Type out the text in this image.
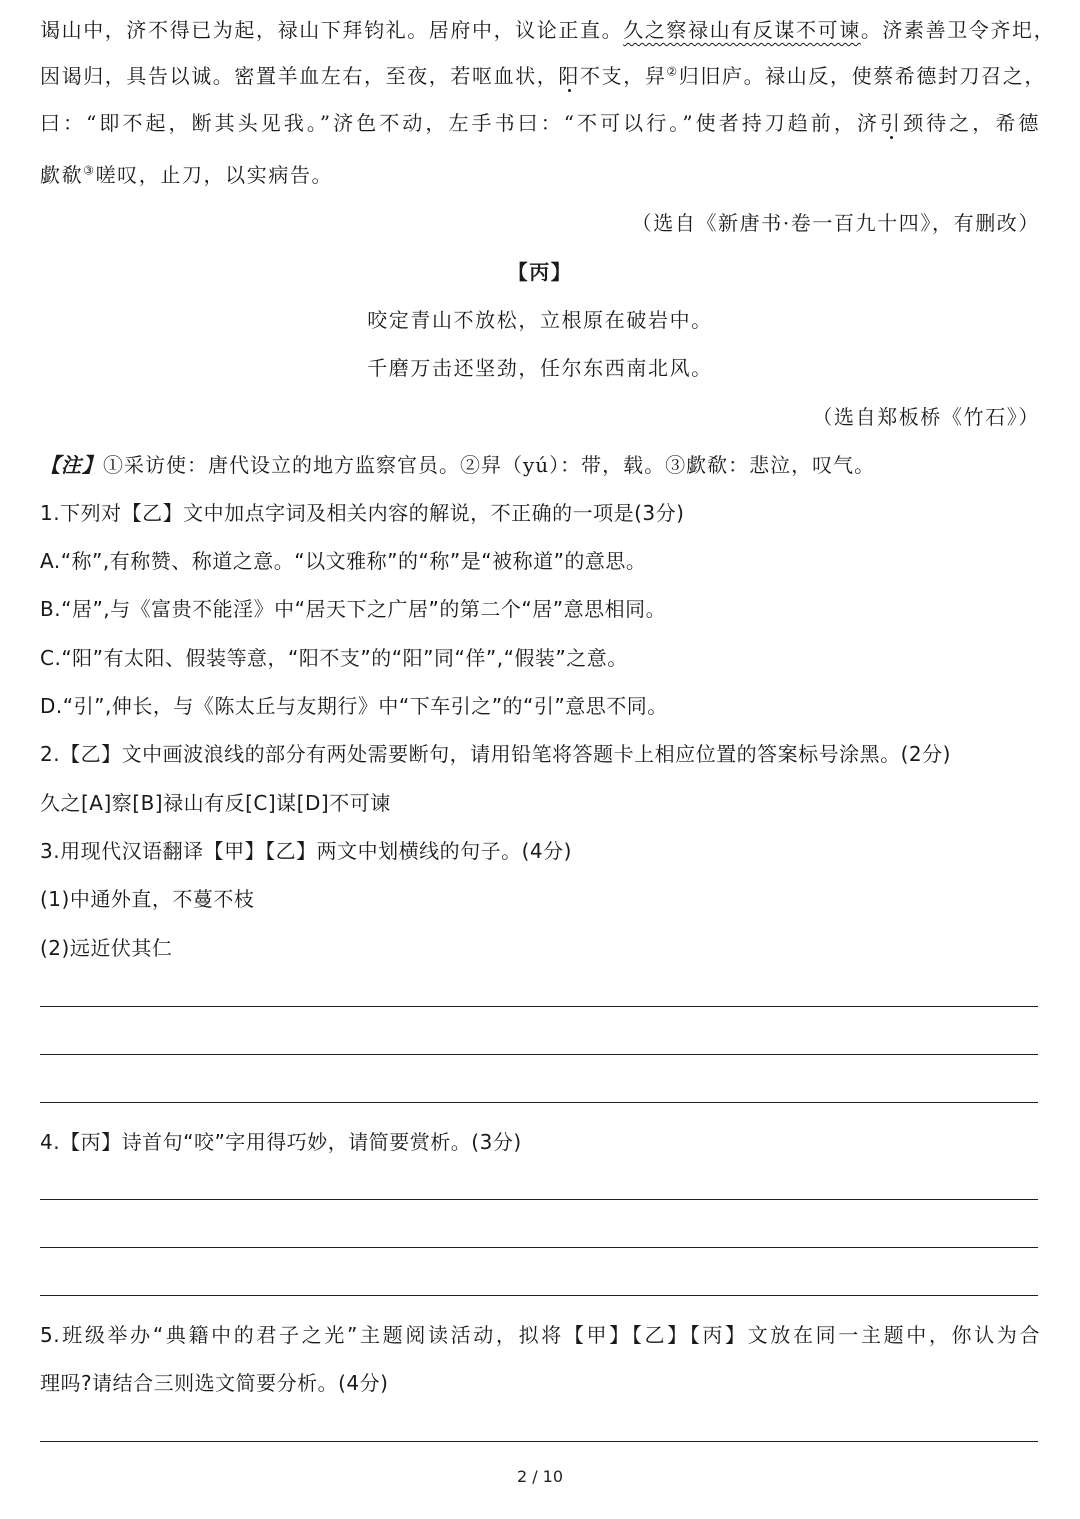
谒山中，济不得已为起，禄山下拜钧礼。居府中，议论正直。久之察禄山有反谋不可谏。济素善卫令齐圯，
因谒归，具告以诚。密置羊血左右，至夜，若呕血状，阳不支，舁②归旧庐。禄山反，使蔡希德封刀召之，
曰：“即不起，断其头见我。”济色不动，左手书曰：“不可以行。”使者持刀趋前，济引颈待之，希德
歔欷③嗟叹，止刀，以实病告。
（选自《新唐书·卷一百九十四》，有删改）
【丙】
咬定青山不放松，立根原在破岩中。
千磨万击还坚劲，任尔东西南北风。
（选自郑板桥《竹石》）
【注】①采访使：唐代设立的地方监察官员。②舁（yú）：带，载。③歔欷：悲泣，叹气。
1.下列对【乙】文中加点字词及相关内容的解说，不正确的一项是(3分)
A.“称”,有称赞、称道之意。“以文雅称”的“称”是“被称道”的意思。
B.“居”,与《富贵不能淫》中“居天下之广居”的第二个“居”意思相同。
C.“阳”有太阳、假装等意，“阳不支”的“阳”同“佯”,“假装”之意。
D.“引”,伸长，与《陈太丘与友期行》中“下车引之”的“引”意思不同。
2.【乙】文中画波浪线的部分有两处需要断句，请用铅笔将答题卡上相应位置的答案标号涂黑。(2分)
久之[A]察[B]禄山有反[C]谋[D]不可谏
3.用现代汉语翻译【甲】【乙】两文中划横线的句子。(4分)
(1)中通外直，不蔓不枝
(2)远近伏其仁
4.【丙】诗首句“咬”字用得巧妙，请简要赏析。(3分)
5.班级举办“典籍中的君子之光”主题阅读活动，拟将【甲】【乙】【丙】文放在同一主题中，你认为合
理吗?请结合三则选文简要分析。(4分)
2 / 10
